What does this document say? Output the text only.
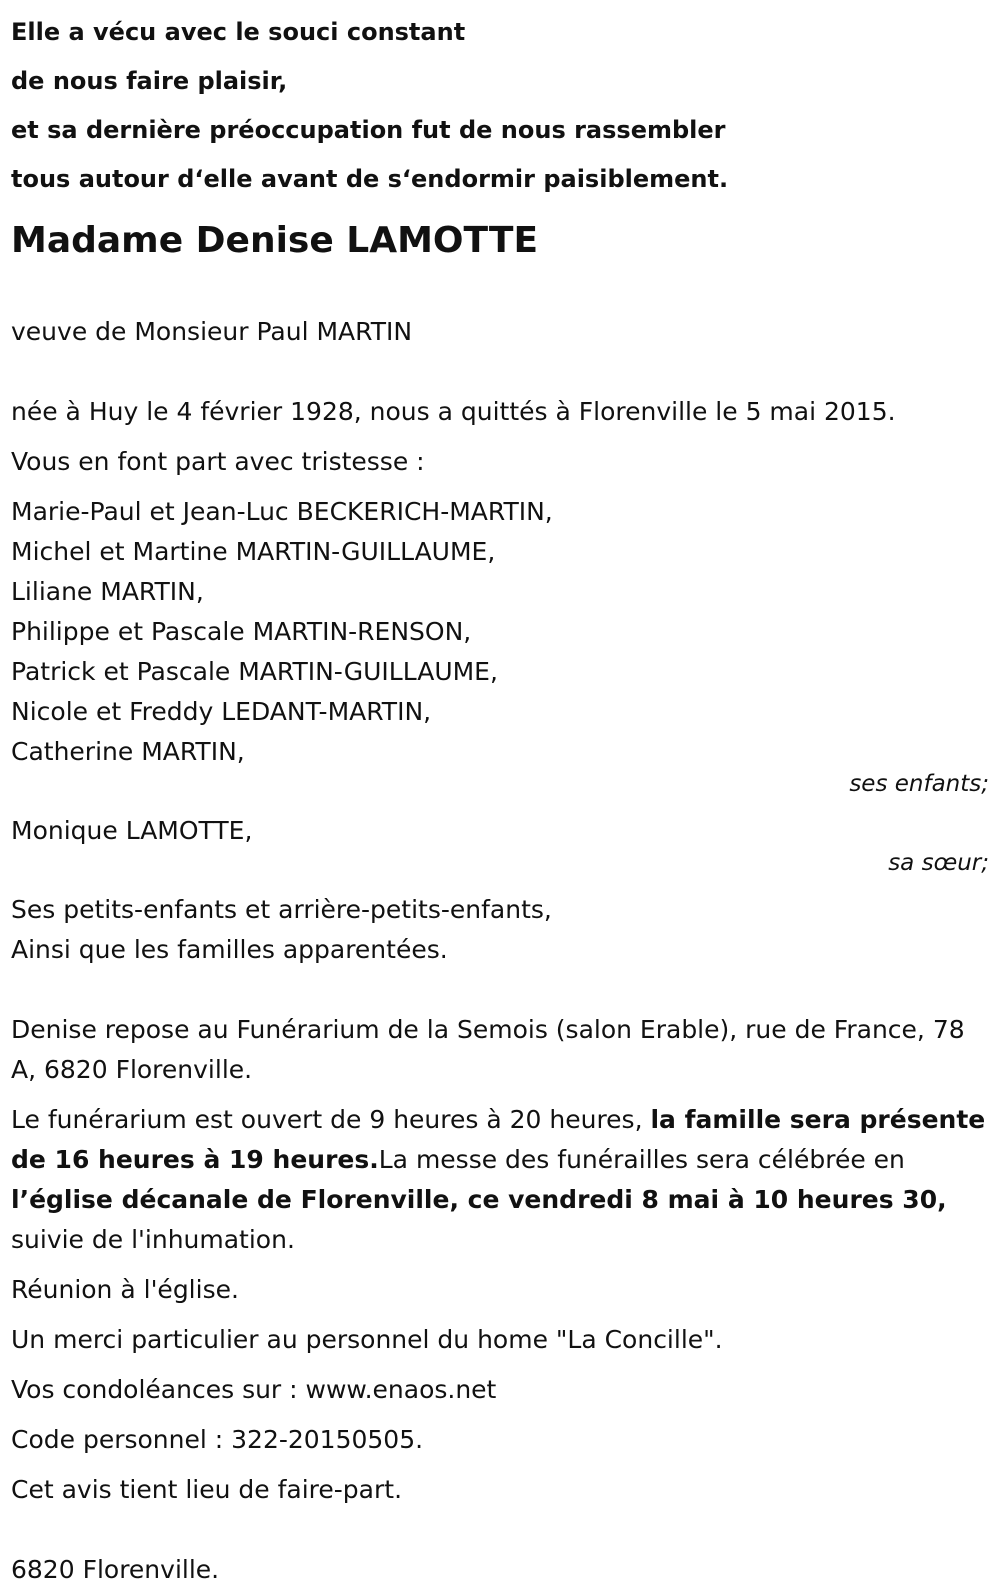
Elle a vécu avec le souci constant
de nous faire plaisir,
et sa dernière préoccupation fut de nous rassembler
tous autour d‘elle avant de s‘endormir paisiblement.
Madame Denise LAMOTTE

veuve de Monsieur Paul MARTIN

née à Huy le 4 février 1928, nous a quittés à Florenville le 5 mai 2015.

Vous en font part avec tristesse :

Marie-Paul et Jean-Luc BECKERICH-MARTIN,
Michel et Martine MARTIN-GUILLAUME,
Liliane MARTIN,
Philippe et Pascale MARTIN-RENSON,
Patrick et Pascale MARTIN-GUILLAUME,
Nicole et Freddy LEDANT-MARTIN,
Catherine MARTIN,

ses enfants;

Monique LAMOTTE,

sa sœur;

Ses petits-enfants et arrière-petits-enfants,
Ainsi que les familles apparentées.

Denise repose au Funérarium de la Semois (salon Erable), rue de France, 78 A, 6820 Florenville.

Le funérarium est ouvert de 9 heures à 20 heures, la famille sera présente de 16 heures à 19 heures.La messe des funérailles sera célébrée en l’église décanale de Florenville, ce vendredi 8 mai à 10 heures 30, suivie de l'inhumation.

Réunion à l'église.

Un merci particulier au personnel du home "La Concille".

Vos condoléances sur : www.enaos.net

Code personnel : 322-20150505.

Cet avis tient lieu de faire-part.

6820 Florenville.
